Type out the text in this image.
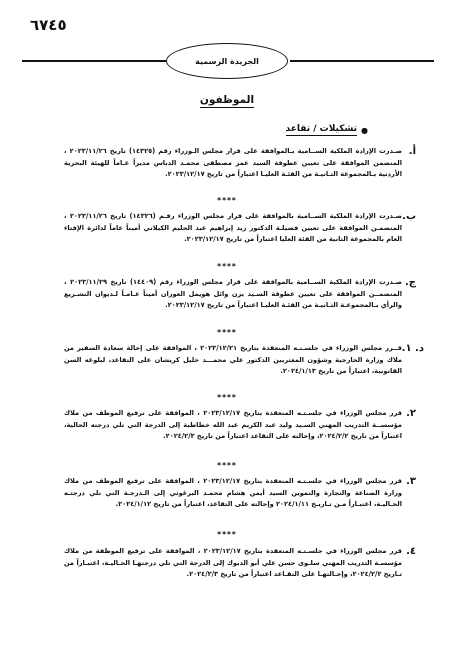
٦٧٤٥
الجريدة الرسمية
الموظفون
●
تشكيلات / تقاعد
أ.
صـدرت الإرادة الملكية الســامية بـالموافقة على قرار مجلس الـوزراء رقم (١٤٣٢٥) تاريخ ٢٠٢٣/١١/٢٦ ، المتضمن الموافقة على تعيين عطوفة السيد عمر مصطفى محمـد الدباس مديراً عـاماً للهيئة البحرية الأردنية بـالمجموعة الثـانيـة من الفئـة العليـا اعتباراً من تاريخ ٢٠٢٣/١٢/١٧.
****
ب.
صـدرت الإرادة الملكية الســامية بالموافقة على قرار مجلس الوزراء رقـم (١٤٣٢٦) تاريخ ٢٠٢٣/١١/٢٦ ، المتضمـن الموافقة على تعيين فضيلـة الدكتور زيد إبراهيم عبد الحليم الكيلاني أميناً عاماً لدائرة الإفتاء العام بالمجموعة الثانية من الفئة العليا اعتباراً من تاريخ ٢٠٢٣/١٢/١٧.
****
ج.
صـدرت الإرادة الملكية الســامية بالموافقة على قرار مجلس الوزراء رقم (١٤٤٠٩) تاريخ ٢٠٢٣/١١/٢٩ ، المتضمــن الموافقة على تعيين عطوفة السـيد يزن وائل هويمل العوران أميناً عـامـاً لـديوان التشـريع والرأي بـالمجموعـة الثـانيـة من الفئـة العليـا اعتباراً من تاريخ ٢٠٢٣/١٢/١٧.
****
د. ١.
قــرر مجلس الوزراء في جلسـتـه المنعقدة بتاريخ ٢٠٢٣/١٢/٢١ ، الموافقة على إحالة سعادة السفير من ملاك وزارة الخارجية وشؤون المغتربين الدكتور علي محمـــد خليل كريشان على التقاعد، لبلوغه السن القانونية، اعتباراً من تاريخ ٢٠٢٤/١/١٣.
****
٢.
قرر مجلس الوزراء في جلسـتـه المنعقدة بتاريخ ٢٠٢٣/١٢/١٧ ، الموافقة على ترفيع الموظف من ملاك مؤسســة التدريب المهني السـيد وليد عبد الكريم عبد الله خطاطبة إلى الدرجة التي تلي درجته الحالية، اعتباراً من تاريخ ٢٠٢٤/٢/٢، وإحالته على التقاعد اعتباراً من تاريخ ٢٠٢٤/٢/٣.
****
٣.
قرر مجلس الوزراء في جلسـتـه المنعقدة بتاريخ ٢٠٢٣/١٢/١٧ ، الموافقة على ترفيع الموظف من ملاك وزارة الصناعة والتجارة والتموين السيد أيمن هشام محمـد البرغوثي إلى الـدرجـة التي تلي درجتـه الحـاليـة، اعتبـاراً مـن تـاريـخ ٢٠٢٤/١/١١ وإحالته على التقاعد، اعتباراً من تاريخ ٢٠٢٤/١/١٢.
****
٤.
قرر مجلس الوزراء في جلسـتـه المنعقدة بتاريخ ٢٠٢٣/١٢/١٧ ، الموافقة على ترفيع الموظفة من ملاك مؤسسـة التدريب المهني سلـوى حسن علي أبو الديوك إلى الدرجة التي تلي درجتهـا الحـاليـة، اعتبـاراً من تـاريخ ٢٠٢٤/٢/٢، وإحـالتهـا على التقـاعد اعتباراً من تاريخ ٢٠٢٤/٢/٣.
